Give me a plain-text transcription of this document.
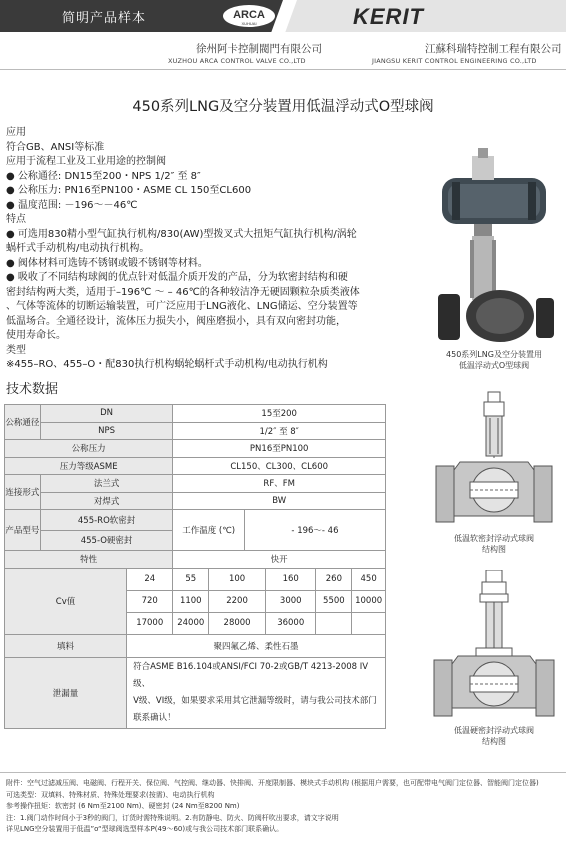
简明产品样本	ARCA
XUHUAI	KERIT
徐州阿卡控制閥門有限公司
XUZHOU ARCA CONTROL VALVE CO.,LTD
江蘇科瑞特控制工程有限公司
JIANGSU KERIT CONTROL ENGINEERING CO.,LTD
450系列LNG及空分装置用低温浮动式O型球阀
应用
符合GB、ANSI等标准
应用于流程工业及工业用途的控制阀
● 公称通径: DN15至200・NPS 1/2″ 至 8″
● 公称压力: PN16至PN100・ASME CL 150至CL600
● 温度范围: －196～－46℃
特点
● 可选用830精小型气缸执行机构/830(AW)型拨叉式大扭矩气缸执行机构/涡轮
蜗杆式手动机构/电动执行机构。
● 阀体材料可选铸不锈钢或锻不锈钢等材料。
● 吸收了不同结构球阀的优点针对低温介质开发的产品，分为软密封结构和硬
密封结构两大类，适用于–196℃ ～ – 46℃的各种较洁净无硬固颗粒杂质类液体
、气体等流体的切断运输装置，可广泛应用于LNG液化、LNG储运、空分装置等
低温场合。全通径设计，流体压力损失小，阀座磨损小，具有双向密封功能，
使用寿命长。
类型
※455–RO、455–O・配830执行机构蜗轮蜗杆式手动机构/电动执行机构
技术数据
公称通径	DN		15至200					
	NPS		1/2″ 至 8″					
公称压力			PN16至PN100					
压力等级ASME			CL150、CL300、CL600					
连接形式	法兰式		RF、FM					
	对焊式		BW					
产品型号	455-RO软密封		工作温度 (℃)		- 196～- 46			
	455-O硬密封							
特性			快开					
Cv值		24	55	100		160	260	450
		720	1100	2200		3000	5500	10000
		17000	24000	28000		36000		
填料		聚四氟乙烯、柔性石墨						
泄漏量		符合ASME B16.104或ANSI/FCI 70-2或GB/T 4213-2008 IV级、
V级、VI级，如果要求采用其它泄漏等级时，请与我公司技术部门
联系确认！						
450系列LNG及空分装置用
低温浮动式O型球阀
低温软密封浮动式球阀
结构图
低温硬密封浮动式球阀
结构图
附件：空气过滤减压阀、电磁阀、行程开关、保位阀、气控阀、继动器、快排阀、开度限制器、模块式手动机构 (根据用户需要，也可配带电气阀门定位器、智能阀门定位器)
可选类型：双填料、特殊材质、特殊处理要求(按需)、电动执行机构
参考操作扭矩：软密封 (6 Nm至2100 Nm)、硬密封 (24 Nm至8200 Nm)
注：1.阀门动作时间小于3秒的阀门，订货时需特殊说明。2.有防静电、防火、防阀杆吹出要求，请文字说明
详见LNG空分装置用于低温”o“型球阀选型样本P(49～60)或与我公司技术部门联系确认。
